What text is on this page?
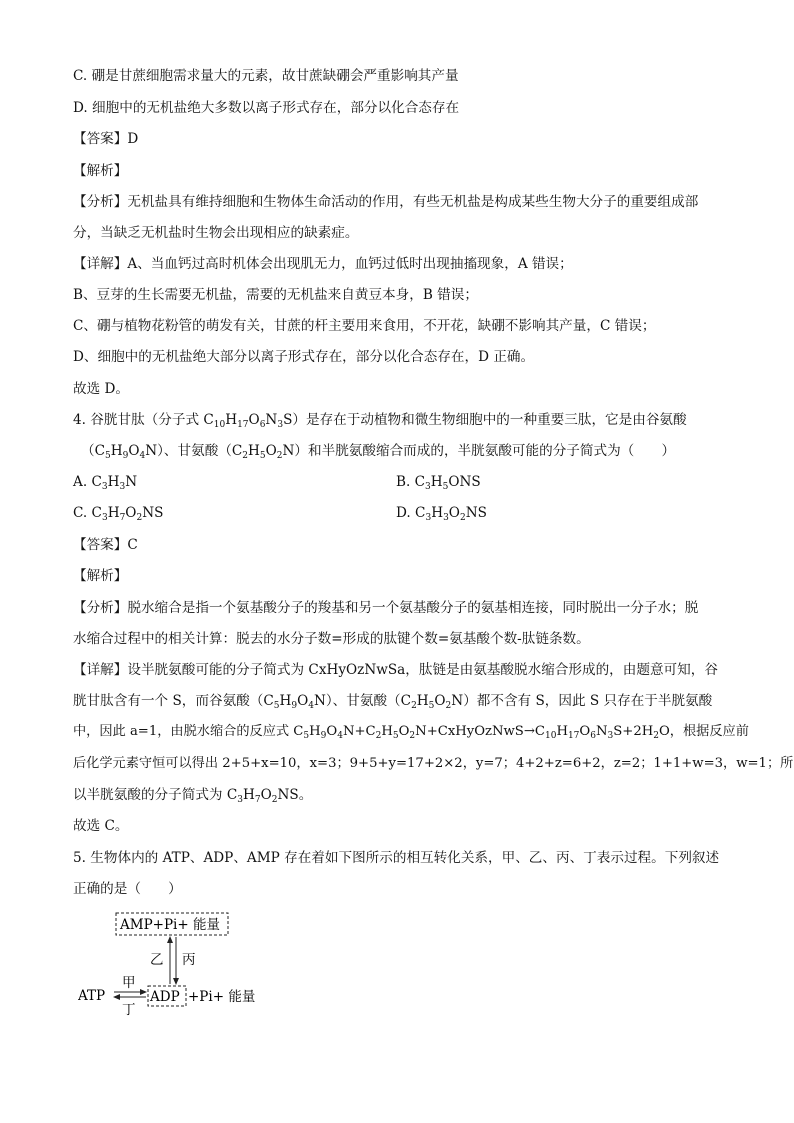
C. 硼是甘蔗细胞需求量大的元素，故甘蔗缺硼会严重影响其产量
D. 细胞中的无机盐绝大多数以离子形式存在，部分以化合态存在
【答案】D
【解析】
【分析】无机盐具有维持细胞和生物体生命活动的作用，有些无机盐是构成某些生物大分子的重要组成部
分，当缺乏无机盐时生物会出现相应的缺素症。
【详解】A、当血钙过高时机体会出现肌无力，血钙过低时出现抽搐现象，A 错误；
B、豆芽的生长需要无机盐，需要的无机盐来自黄豆本身，B 错误；
C、硼与植物花粉管的萌发有关，甘蔗的杆主要用来食用，不开花，缺硼不影响其产量，C 错误；
D、细胞中的无机盐绝大部分以离子形式存在，部分以化合态存在，D 正确。
故选 D。
4. 谷胱甘肽（分子式 $C_{10}H_{17}O_6N_3S$）是存在于动植物和微生物细胞中的一种重要三肽，它是由谷氨酸
$(C_5H_9O_4N)$、甘氨酸$(C_2H_5O_2N)$和半胱氨酸缩合而成的，半胱氨酸可能的分子简式为（　　）
A. $C_3H_3N$	B. $C_3H_5ONS$
C. $C_3H_7O_2NS$	D. $C_3H_3O_2NS$
【答案】C
【解析】
【分析】脱水缩合是指一个氨基酸分子的羧基和另一个氨基酸分子的氨基相连接，同时脱出一分子水；脱
水缩合过程中的相关计算：脱去的水分子数=形成的肽键个数=氨基酸个数-肽链条数。
【详解】设半胱氨酸可能的分子简式为 CxHyOzNwSa，肽链是由氨基酸脱水缩合形成的，由题意可知，谷
胱甘肽含有一个 S，而谷氨酸$(C_5H_9O_4N)$、甘氨酸$(C_2H_5O_2N)$都不含有 S，因此 S 只存在于半胱氨酸
中，因此 a=1，由脱水缩合的反应式 $C_5H_9O_4N+C_2H_5O_2N+CxHyOzNwS\to C_{10}H_{17}O_6N_3S+2H_2O$，根据反应前
后化学元素守恒可以得出 2+5+x=10，x=3；9+5+y=17+2×2，y=7；4+2+z=6+2，z=2；1+1+w=3，w=1；所
以半胱氨酸的分子简式为 $C_3H_7O_2NS$。
故选 C。
5. 生物体内的 ATP、ADP、AMP 存在着如下图所示的相互转化关系，甲、乙、丙、丁表示过程。下列叙述
正确的是（　　）
AMP+Pi+ 能量
乙 丙
ATP
甲
丁
ADP +Pi+ 能量
